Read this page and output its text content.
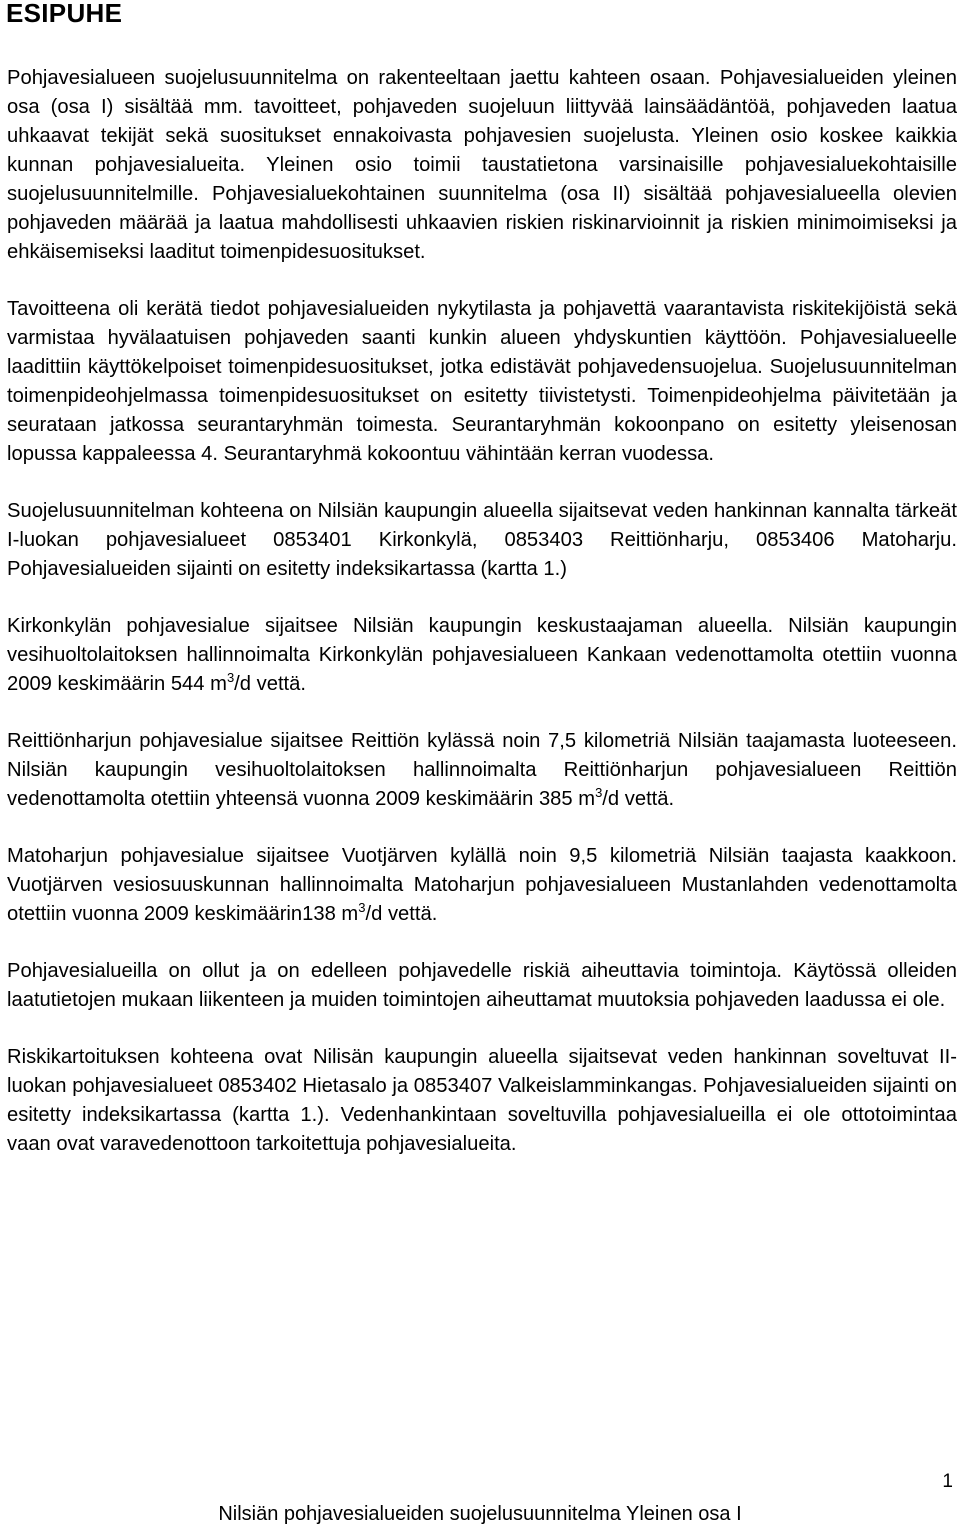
ESIPUHE

Pohjavesialueen suojelusuunnitelma on rakenteeltaan jaettu kahteen osaan. Pohjavesialueiden yleinen osa (osa I) sisältää mm. tavoitteet, pohjaveden suojeluun liittyvää lainsäädäntöä, pohjaveden laatua uhkaavat tekijät sekä suositukset ennakoivasta pohjavesien suojelusta. Yleinen osio koskee kaikkia kunnan pohjavesialueita. Yleinen osio toimii taustatietona varsinaisille pohjavesialuekohtaisille suojelusuunnitelmille. Pohjavesialuekohtainen suunnitelma (osa II) sisältää pohjavesialueella olevien pohjaveden määrää ja laatua mahdollisesti uhkaavien riskien riskinarvioinnit ja riskien minimoimiseksi ja ehkäisemiseksi laaditut toimenpidesuositukset.

Tavoitteena oli kerätä tiedot pohjavesialueiden nykytilasta ja pohjavettä vaarantavista riskitekijöistä sekä varmistaa hyvälaatuisen pohjaveden saanti kunkin alueen yhdyskuntien käyttöön. Pohjavesialueelle laadittiin käyttökelpoiset toimenpidesuositukset, jotka edistävät pohjavedensuojelua. Suojelusuunnitelman toimenpideohjelmassa toimenpidesuositukset on esitetty tiivistetysti. Toimenpideohjelma päivitetään ja seurataan jatkossa seurantaryhmän toimesta. Seurantaryhmän kokoonpano on esitetty yleisenosan lopussa kappaleessa 4. Seurantaryhmä kokoontuu vähintään kerran vuodessa.

Suojelusuunnitelman kohteena on Nilsiän kaupungin alueella sijaitsevat veden hankinnan kannalta tärkeät I-luokan pohjavesialueet 0853401 Kirkonkylä, 0853403 Reittiönharju, 0853406 Matoharju. Pohjavesialueiden sijainti on esitetty indeksikartassa (kartta 1.)

Kirkonkylän pohjavesialue sijaitsee Nilsiän kaupungin keskustaajaman alueella. Nilsiän kaupungin vesihuoltolaitoksen hallinnoimalta Kirkonkylän pohjavesialueen Kankaan vedenottamolta otettiin vuonna 2009 keskimäärin 544 $m^3/d$ vettä.

Reittiönharjun pohjavesialue sijaitsee Reittiön kylässä noin 7,5 kilometriä Nilsiän taajamasta luoteeseen. Nilsiän kaupungin vesihuoltolaitoksen hallinnoimalta Reittiönharjun pohjavesialueen Reittiön vedenottamolta otettiin yhteensä vuonna 2009 keskimäärin 385 $m^3/d$ vettä.

Matoharjun pohjavesialue sijaitsee Vuotjärven kylällä noin 9,5 kilometriä Nilsiän taajasta kaakkoon. Vuotjärven vesiosuuskunnan hallinnoimalta Matoharjun pohjavesialueen Mustanlahden vedenottamolta otettiin vuonna 2009 keskimäärin138 $m^3/d$ vettä.

Pohjavesialueilla on ollut ja on edelleen pohjavedelle riskiä aiheuttavia toimintoja. Käytössä olleiden laatutietojen mukaan liikenteen ja muiden toimintojen aiheuttamat muutoksia pohjaveden laadussa ei ole.

Riskikartoituksen kohteena ovat Nilisän kaupungin alueella sijaitsevat veden hankinnan soveltuvat II-luokan pohjavesialueet 0853402 Hietasalo ja 0853407 Valkeislamminkangas. Pohjavesialueiden sijainti on esitetty indeksikartassa (kartta 1.). Vedenhankintaan soveltuvilla pohjavesialueilla ei ole ottotoimintaa vaan ovat varavedenottoon tarkoitettuja pohjavesialueita.

1
Nilsiän pohjavesialueiden suojelusuunnitelma Yleinen osa I
